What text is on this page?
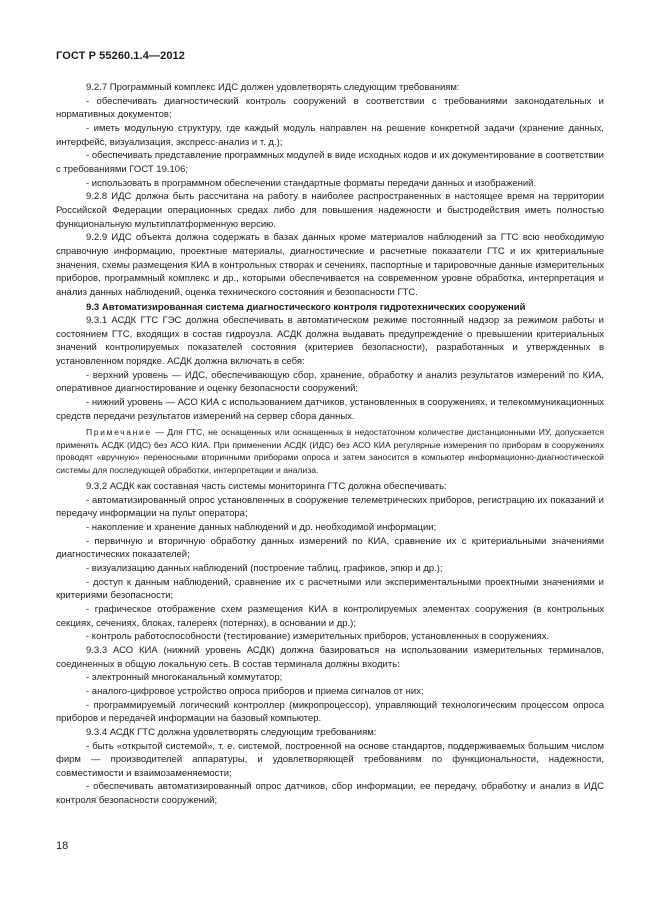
ГОСТ Р 55260.1.4—2012

9.2.7 Программный комплекс ИДС должен удовлетворять следующим требованиям:

- обеспечивать диагностический контроль сооружений в соответствии с требованиями законодательных и нормативных документов;

- иметь модульную структуру, где каждый модуль направлен на решение конкретной задачи (хранение данных, интерфейс, визуализация, экспресс-анализ и т. д.);

- обеспечивать представление программных модулей в виде исходных кодов и их документирование в соответствии с требованиями ГОСТ 19.106;

- использовать в программном обеспечении стандартные форматы передачи данных и изображений.

9.2.8 ИДС должна быть рассчитана на работу в наиболее распространенных в настоящее время на территории Российской Федерации операционных средах либо для повышения надежности и быстродействия иметь полностью функциональную мультиплатформенную версию.

9.2.9 ИДС объекта должна содержать в базах данных кроме материалов наблюдений за ГТС всю необходимую справочную информацию, проектные материалы, диагностические и расчетные показатели ГТС и их критериальные значения, схемы размещения КИА в контрольных створах и сечениях, паспортные и тарировочные данные измерительных приборов, программный комплекс и др., которыми обеспечивается на современном уровне обработка, интерпретация и анализ данных наблюдений, оценка технического состояния и безопасности ГТС.

9.3 Автоматизированная система диагностического контроля гидротехнических сооружений

9.3.1 АСДК ГТС ГЭС должна обеспечивать в автоматическом режиме постоянный надзор за режимом работы и состоянием ГТС, входящих в состав гидроузла. АСДК должна выдавать предупреждение о превышении критериальных значений контролируемых показателей состояния (критериев безопасности), разработанных и утвержденных в установленном порядке. АСДК должна включать в себя:

- верхний уровень — ИДС, обеспечивающую сбор, хранение, обработку и анализ результатов измерений по КИА, оперативное диагностирование и оценку безопасности сооружений;

- нижний уровень — АСО КИА с использованием датчиков, установленных в сооружениях, и телекоммуникационных средств передачи результатов измерений на сервер сбора данных.

Примечание — Для ГТС, не оснащенных или оснащенных в недостаточном количестве дистанционными ИУ, допускается применять АСДК (ИДС) без АСО КИА. При применении АСДК (ИДС) без АСО КИА регулярные измерения по приборам в сооружениях проводят «вручную» переносными вторичными приборами опроса и затем заносится в компьютер информационно-диагностической системы для последующей обработки, интерпретации и анализа.

9.3.2 АСДК как составная часть системы мониторинга ГТС должна обеспечивать:

- автоматизированный опрос установленных в сооружение телеметрических приборов, регистрацию их показаний и передачу информации на пульт оператора;

- накопление и хранение данных наблюдений и др. необходимой информации;

- первичную и вторичную обработку данных измерений по КИА, сравнение их с критериальными значениями диагностических показателей;

- визуализацию данных наблюдений (построение таблиц, графиков, эпюр и др.);

- доступ к данным наблюдений, сравнение их с расчетными или экспериментальными проектными значениями и критериями безопасности;

- графическое отображение схем размещения КИА в контролируемых элементах сооружения (в контрольных секциях, сечениях, блоках, галереях (потернах), в основании и др.);

- контроль работоспособности (тестирование) измерительных приборов, установленных в сооружениях.

9.3.3 АСО КИА (нижний уровень АСДК) должна базироваться на использовании измерительных терминалов, соединенных в общую локальную сеть. В состав терминала должны входить:

- электронный многоканальный коммутатор;

- аналого-цифровое устройство опроса приборов и приема сигналов от них;

- программируемый логический контроллер (микропроцессор), управляющий технологическим процессом опроса приборов и передачей информации на базовый компьютер.

9.3.4 АСДК ГТС должна удовлетворять следующим требованиям:

- быть «открытой системой», т. е. системой, построенной на основе стандартов, поддерживаемых большим числом фирм — производителей аппаратуры, и удовлетворяющей требованиям по функциональности, надежности, совместимости и взаимозаменяемости;

- обеспечивать автоматизированный опрос датчиков, сбор информации, ее передачу, обработку и анализ в ИДС контроля безопасности сооружений;

18
